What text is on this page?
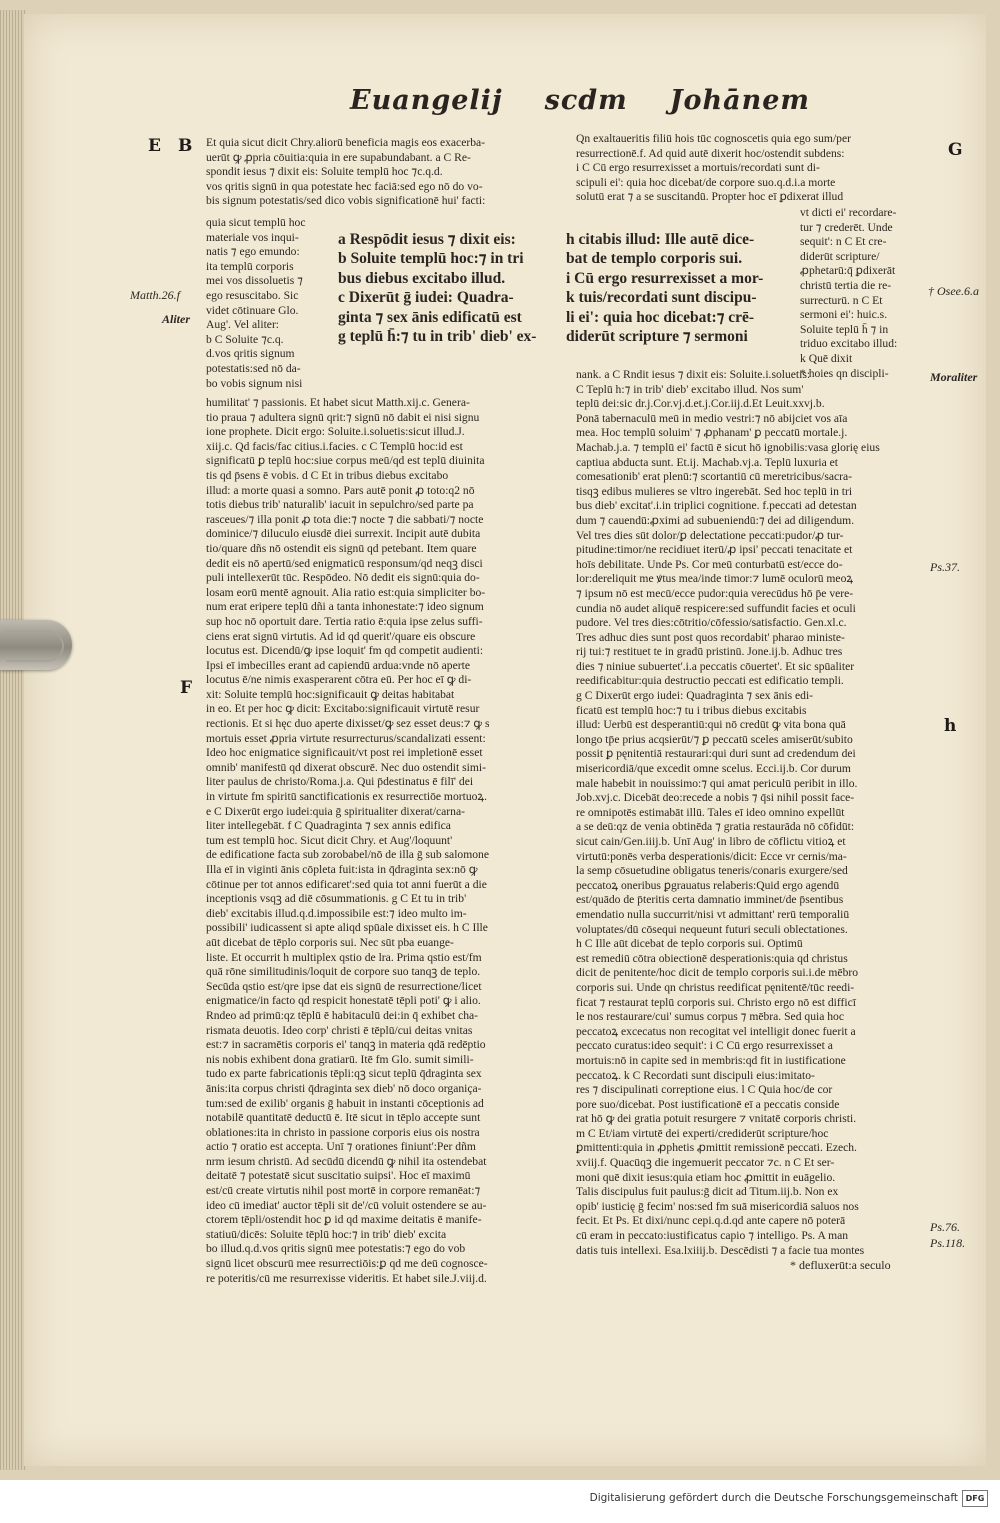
Euangelij scdm Johānem
E B
Matth.26.f
Aliter
F
G
† Osee.6.a
Moraliter
Ps.37.
h
Ps.76.
Ps.118.
Et quia sicut dicit Chry.aliorū beneficia magis eos exacerba-
uerūt ꝙ ꝓpria cōuitia:quia in ere supabundabant. a C Re-
spondit iesus ⁊ dixit eis: Soluite templū hoc ⁊c.q.d.
vos qritis signū in qua potestate hec faciā:sed ego nō do vo-
bis signum potestatis/sed dico vobis significationē hui' facti:
quia sicut templū hoc
materiale vos inqui-
natis ⁊ ego emundo:
ita templū corporis
mei vos dissoluetis ⁊
ego resuscitabo. Sic
videt cōtinuare Glo.
Aug'. Vel aliter:
b C Soluite ⁊c.q.
d.vos qritis signum
potestatis:sed nō da-
bo vobis signum nisi
a Respōdit iesus ⁊ dixit eis:
b Soluite templū hoc:⁊ in tri
bus diebus excitabo illud.
c Dixerūt ḡ iudei: Quadra-
ginta ⁊ sex ānis edificatū est
g teplū h̄:⁊ tu in trib' dieb' ex-
h citabis illud: Ille autē dice-
bat de templo corporis sui.
i Cū ergo resurrexisset a mor-
k tuis/recordati sunt discipu-
li ei': quia hoc dicebat:⁊ crē-
diderūt scripture ⁊ sermoni
Qn exaltaueritis filiū hois tūc cognoscetis quia ego sum/per
resurrectionē.f. Ad quid autē dixerit hoc/ostendit subdens:
i C Cū ergo resurrexisset a mortuis/recordati sunt di-
scipuli ei': quia hoc dicebat/de corpore suo.q.d.i.a morte
solutū erat ⁊ a se suscitandū. Propter hoc eī ꝑdixerat illud
vt dicti ei' recordare-
tur ⁊ crederēt. Unde
sequit': n C Et cre-
diderūt scripture/
ꝓphetarū:q̄ ꝑdixerāt
christū tertia die re-
surrecturū. n C Et
sermoni ei': huic.s.
Soluite teplū h̄ ⁊ in
triduo excitabo illud:
k Quē dixit
* hoies qn discipli-
humilitat' ⁊ passionis. Et habet sicut Matth.xij.c. Genera-
tio praua ⁊ adultera signū qrit:⁊ signū nō dabit ei nisi signu
ione prophete. Dicit ergo: Soluite.i.soluetis:sicut illud.J.
xiij.c. Qd facis/fac citius.i.facies. c C Templū hoc:id est
significatū ꝑ teplū hoc:siue corpus meū/qd est teplū diuinita
tis qd p̄sens ē vobis. d C Et in tribus diebus excitabo
illud: a morte quasi a somno. Pars autē ponit ꝓ toto:q2 nō
totis diebus trib' naturalib' iacuit in sepulchro/sed parte pa
rasceues/⁊ illa ponit ꝓ tota die:⁊ nocte ⁊ die sabbati/⁊ nocte
dominice/⁊ diluculo eiusdē diei surrexit. Incipit autē dubita
tio/quare dñs nō ostendit eis signū qd petebant. Item quare
dedit eis nō apertū/sed enigmaticū responsum/qd neqꝫ disci
puli intellexerūt tūc. Respōdeo. Nō dedit eis signū:quia do-
losam eorū mentē agnouit. Alia ratio est:quia simpliciter bo-
num erat eripere teplū dñi a tanta inhonestate:⁊ ideo signum
sup hoc nō oportuit dare. Tertia ratio ē:quia ipse zelus suffi-
ciens erat signū virtutis. Ad id qd querit'/quare eis obscure
locutus est. Dicendū/ꝙ ipse loquit' fm qd competit audienti:
Ipsi eī imbecilles erant ad capiendū ardua:vnde nō aperte
locutus ē/ne nimis exasperarent cōtra eū. Per hoc eī ꝙ di-
xit: Soluite templū hoc:significauit ꝙ deitas habitabat
in eo. Et per hoc ꝙ dicit: Excitabo:significauit virtutē resur
rectionis. Et si hęc duo aperte dixisset/ꝙ sez esset deus:⁊ ꝙ s
mortuis esset ꝓpria virtute resurrecturus/scandalizati essent:
Ideo hoc enigmatice significauit/vt post rei impletionē esset
omnib' manifestū qd dixerat obscurē. Nec duo ostendit simi-
liter paulus de christo/Roma.j.a. Qui p̄destinatus ē filī' dei
in virtute fm spiritū sanctificationis ex resurrectiōe mortuoꝝ.
e C Dixerūt ergo iudei:quia ḡ spiritualiter dixerat/carna-
liter intellegebāt. f C Quadraginta ⁊ sex annis edifica
tum est templū hoc. Sicut dicit Chry. et Aug'/loquunt'
de edificatione facta sub zorobabel/nō de illa ḡ sub salomone
Illa eī in viginti ānis cōpleta fuit:ista in q̄draginta sex:nō ꝙ
cōtinue per tot annos edificaret':sed quia tot anni fuerūt a die
inceptionis vsqꝫ ad diē cōsummationis. g C Et tu in trib'
dieb' excitabis illud.q.d.impossibile est:⁊ ideo multo im-
possibili' iudicassent si apte aliqd spūale dixisset eis. h C Ille
aūt dicebat de tēplo corporis sui. Nec sūt pba euange-
liste. Et occurrit h multiplex qstio de lra. Prima qstio est/fm
quā rōne similitudinis/loquit de corpore suo tanqꝫ de teplo.
Secūda qstio est/qre ipse dat eis signū de resurrectione/licet
enigmatice/in facto qd respicit honestatē tēpli poti' ꝙ i alio.
Rndeo ad primū:qz tēplū ē habitaculū dei:in q̄ exhibet cha-
rismata deuotis. Ideo corp' christi ē tēplū/cui deitas vnitas
est:⁊ in sacramētis corporis ei' tanqꝫ in materia qdā redēptio
nis nobis exhibent dona gratiarū. Itē fm Glo. sumit simili-
tudo ex parte fabricationis tēpli:qꝫ sicut teplū q̄draginta sex
ānis:ita corpus christi q̄draginta sex dieb' nō doco organiça-
tum:sed de exilib' organis ḡ habuit in instanti cōceptionis ad
notabilē quantitatē deductū ē. Itē sicut in tēplo accepte sunt
oblationes:ita in christo in passione corporis eius ois nostra
actio ⁊ oratio est accepta. Unī ⁊ orationes finiunt':Per dñm
nrm iesum christū. Ad secūdū dicendū ꝙ nihil ita ostendebat
deitatē ⁊ potestatē sicut suscitatio suipsi'. Hoc eī maximū
est/cū create virtutis nihil post mortē in corpore remanēat:⁊
ideo cū imediat' auctor tēpli sit de'/cū voluit ostendere se au-
ctorem tēpli/ostendit hoc ꝑ id qd maxime deitatis ē manife-
statiuū/dicēs: Soluite tēplū hoc:⁊ in trib' dieb' excita
bo illud.q.d.vos qritis signū mee potestatis:⁊ ego do vob
signū licet obscurū mee resurrectiōis:ꝑ qd me deū cognosce-
re poteritis/cū me resurrexisse videritis. Et habet sile.J.viij.d.
nank. a C Rndit iesus ⁊ dixit eis: Soluite.i.soluetis:
C Teplū h:⁊ in trib' dieb' excitabo illud. Nos sum'
teplū dei:sic dr.j.Cor.vj.d.et.j.Cor.iij.d.Et Leuit.xxvj.b.
Ponā tabernaculū meū in medio vestri:⁊ nō abijciet vos aīa
mea. Hoc templū soluim' ⁊ ꝓphanam' ꝑ peccatū mortale.j.
Machab.j.a. ⁊ templū ei' factū ē sicut hō ignobilis:vasa glorię eius
captiua abducta sunt. Et.ij. Machab.vj.a. Teplū luxuria et
comesationib' erat plenū:⁊ scortantiū cū meretricibus/sacra-
tisqꝫ edibus mulieres se vltro ingerebāt. Sed hoc teplū in tri
bus dieb' excitat'.i.in triplici cognitione. f.peccati ad detestan
dum ⁊ cauendū:ꝓximi ad subueniendū:⁊ dei ad diligendum.
Vel tres dies sūt dolor/ꝑ delectatione peccati:pudor/ꝓ tur-
pitudine:timor/ne recidiuet iterū/ꝓ ipsi' peccati tenacitate et
hoīs debilitate. Unde Ps. Cor meū conturbatū est/ecce do-
lor:dereliquit me ꝟtus mea/inde timor:⁊ lumē oculorū meoꝝ
⁊ ipsum nō est mecū/ecce pudor:quia verecūdus hō p̄e vere-
cundia nō audet aliquē respicere:sed suffundit facies et oculi
pudore. Vel tres dies:cōtritio/cōfessio/satisfactio. Gen.xl.c.
Tres adhuc dies sunt post quos recordabit' pharao ministe-
rij tui:⁊ restituet te in gradū pristinū. Jone.ij.b. Adhuc tres
dies ⁊ niniue subuertet'.i.a peccatis cōuertet'. Et sic spūaliter
reedificabitur:quia destructio peccati est edificatio templi.
g C Dixerūt ergo iudei: Quadraginta ⁊ sex ānis edi-
ficatū est templū hoc:⁊ tu i tribus diebus excitabis
illud: Uerbū est desperantiū:qui nō credūt ꝙ vita bona quā
longo tp̄e prius acqsierūt/⁊ ꝑ peccatū sceles amiserūt/subito
possit ꝑ pęnitentiā restaurari:qui duri sunt ad credendum dei
misericordiā/que excedit omne scelus. Ecci.ij.b. Cor durum
male habebit in nouissimo:⁊ qui amat periculū peribit in illo.
Job.xvj.c. Dicebāt deo:recede a nobis ⁊ q̄si nihil possit face-
re omnipotēs estimabāt illū. Tales eī ideo omnino expellūt
a se deū:qz de venia obtinēda ⁊ gratia restaurāda nō cōfidūt:
sicut cain/Gen.iiij.b. Unī Aug' in libro de cōflictu vitioꝝ et
virtutū:ponēs verba desperationis/dicit: Ecce vr cernis/ma-
la semp cōsuetudine obligatus teneris/conaris exurgere/sed
peccatoꝝ oneribus ꝑgrauatus relaberis:Quid ergo agendū
est/quādo de p̄teritis certa damnatio imminet/de p̄sentibus
emendatio nulla succurrit/nisi vt admittant' rerū temporaliū
voluptates/dū cōsequi nequeunt futuri seculi oblectationes.
h C Ille aūt dicebat de teplo corporis sui. Optimū
est remediū cōtra obiectionē desperationis:quia qd christus
dicit de penitente/hoc dicit de templo corporis sui.i.de mēbro
corporis sui. Unde qn christus reedificat pęnitentē/tūc reedi-
ficat ⁊ restaurat teplū corporis sui. Christo ergo nō est difficī
le nos restaurare/cui' sumus corpus ⁊ mēbra. Sed quia hoc
peccatoꝝ excecatus non recogitat vel intelligit donec fuerit a
peccato curatus:ideo sequit': i C Cū ergo resurrexisset a
mortuis:nō in capite sed in membris:qd fit in iustificatione
peccatoꝝ. k C Recordati sunt discipuli eius:imitato-
res ⁊ discipulinati correptione eius. l C Quia hoc/de cor
pore suo/dicebat. Post iustificationē eī a peccatis conside
rat hō ꝙ dei gratia potuit resurgere ⁊ vnitatē corporis christi.
m C Et/iam virtutē dei experti/crediderūt scripture/hoc
ꝑmittenti:quia in ꝓphetis ꝓmittit remissionē peccati. Ezech.
xviij.f. Quacūqꝫ die ingemuerit peccator ⁊c. n C Et ser-
moni quē dixit iesus:quia etiam hoc ꝓmittit in euāgelio.
Talis discipulus fuit paulus:ḡ dicit ad Titum.iij.b. Non ex
opib' iusticię ḡ fecim' nos:sed fm suā misericordiā saluos nos
fecit. Et Ps. Et dixi/nunc cepi.q.d.qd ante capere nō poterā
cū eram in peccato:iustificatus capio ⁊ intelligo. Ps. A man
datis tuis intellexi. Esa.lxiiij.b. Descēdisti ⁊ a facie tua montes
* defluxerūt:a seculo
Digitalisierung gefördert durch die Deutsche Forschungsgemeinschaft DFG
